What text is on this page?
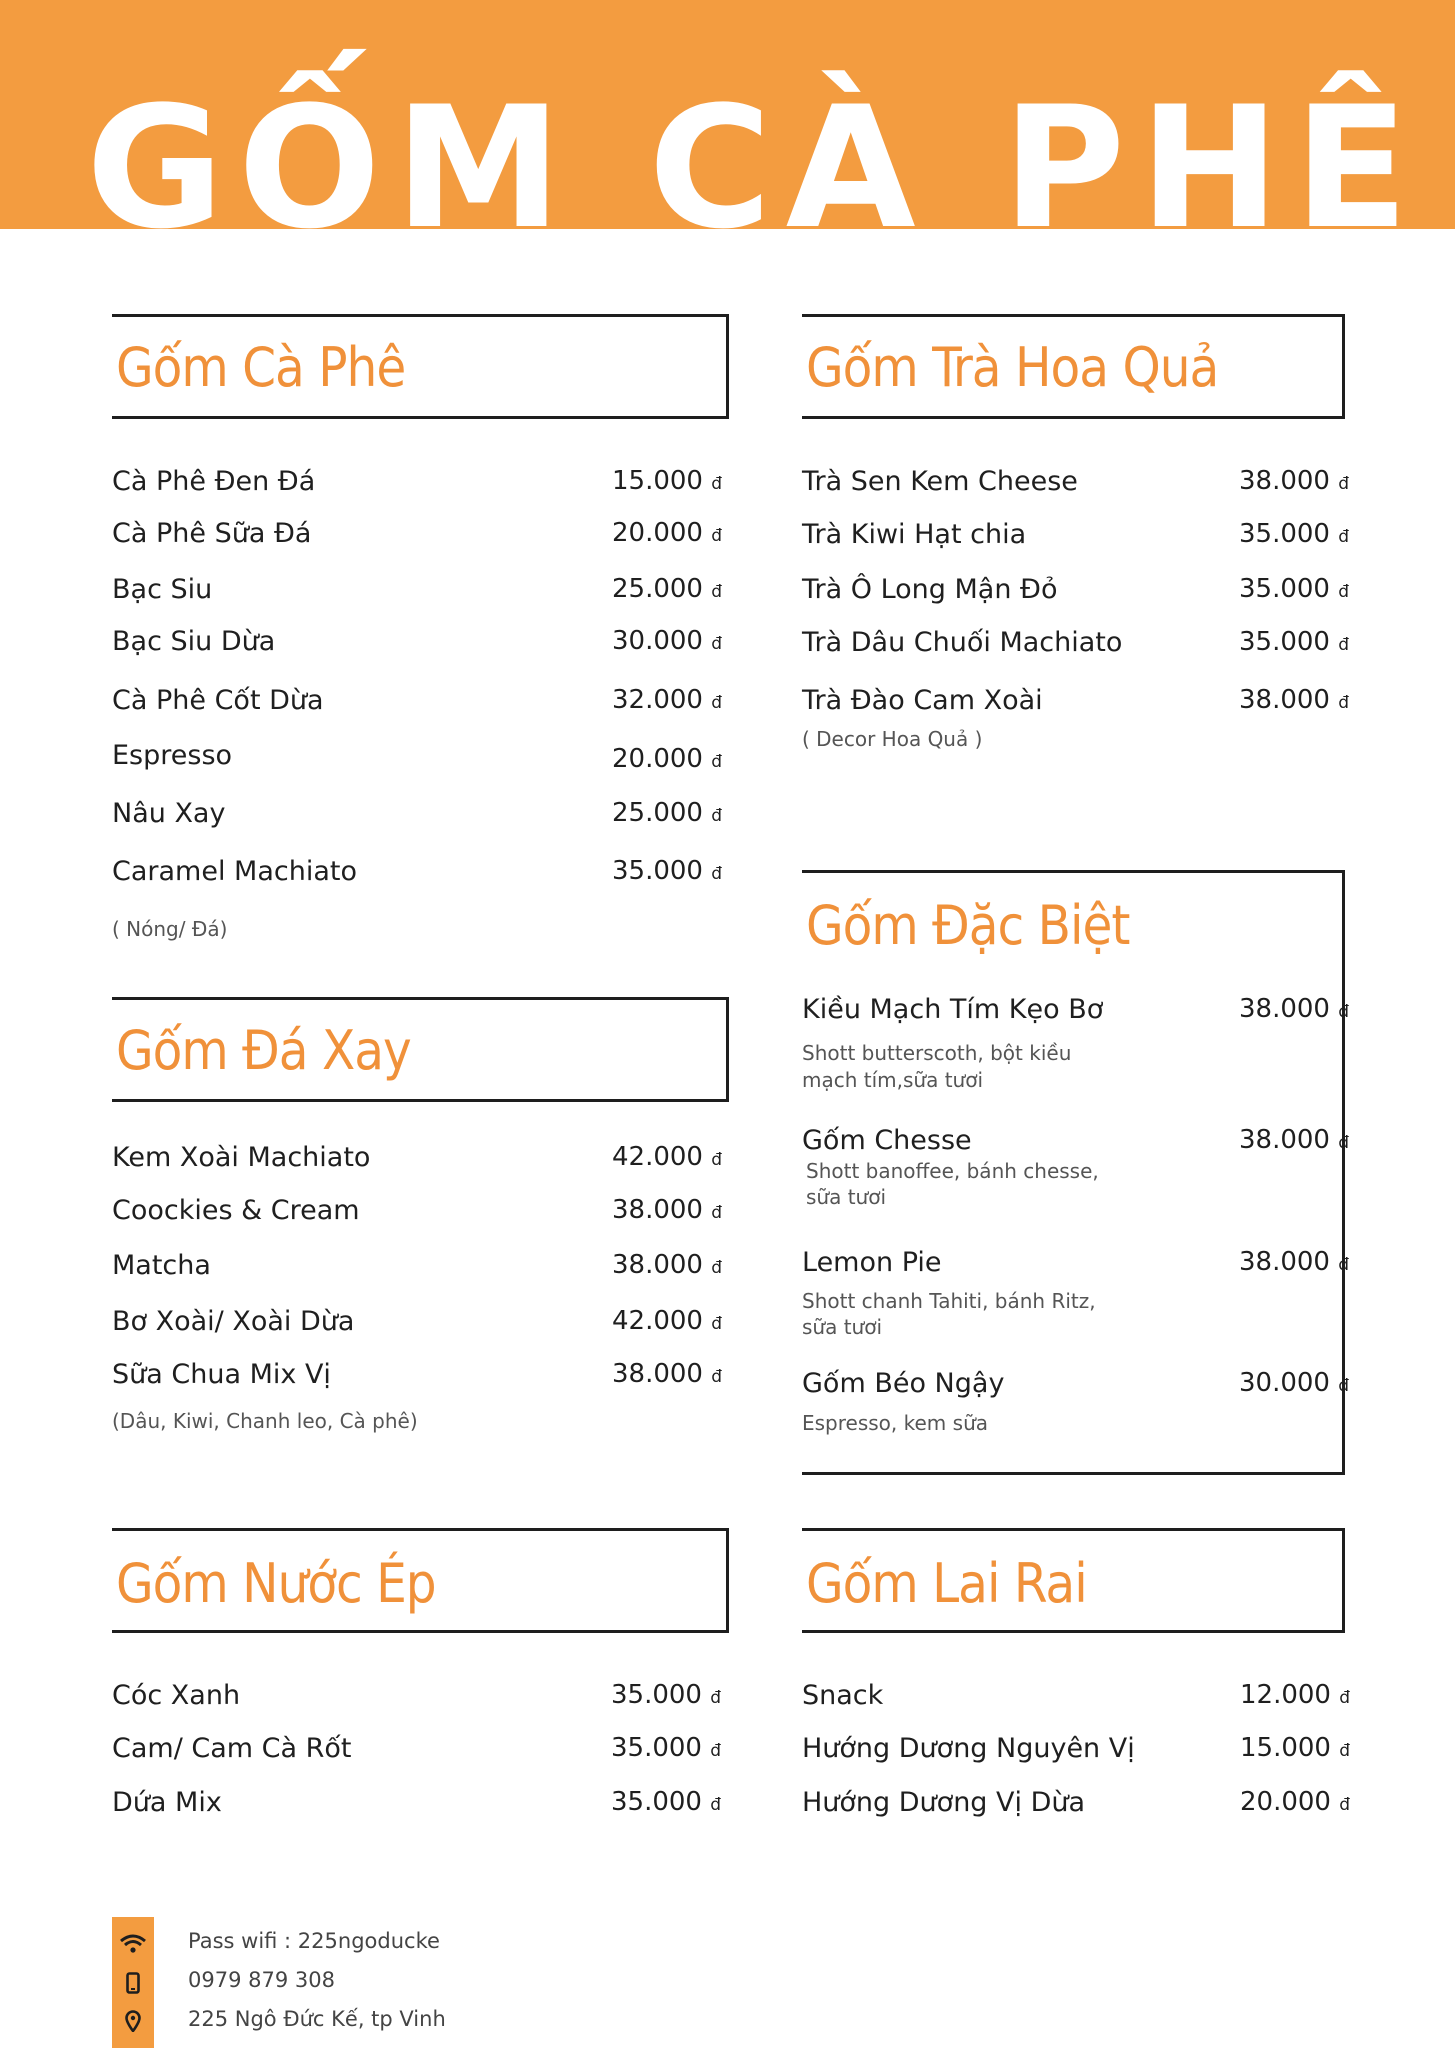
GỐM CÀ PHÊ
Gốm Cà Phê
Cà Phê Đen Đá	15.000 đ
Cà Phê Sữa Đá	20.000 đ
Bạc Siu	25.000 đ
Bạc Siu Dừa	30.000 đ
Cà Phê Cốt Dừa	32.000 đ
Espresso	20.000 đ
Nâu Xay	25.000 đ
Caramel Machiato	35.000 đ
( Nóng/ Đá)
Gốm Trà Hoa Quả
Trà Sen Kem Cheese	38.000 đ
Trà Kiwi Hạt chia	35.000 đ
Trà Ô Long Mận Đỏ	35.000 đ
Trà Dâu Chuối Machiato	35.000 đ
Trà Đào Cam Xoài	38.000 đ
( Decor Hoa Quả )
Gốm Đá Xay
Kem Xoài Machiato	42.000 đ
Coockies & Cream	38.000 đ
Matcha	38.000 đ
Bơ Xoài/ Xoài Dừa	42.000 đ
Sữa Chua Mix Vị	38.000 đ
(Dâu, Kiwi, Chanh leo, Cà phê)
Gốm Đặc Biệt
Kiều Mạch Tím Kẹo Bơ	38.000 đ
Shott butterscoth, bột kiều
mạch tím,sữa tươi
Gốm Chesse	38.000 đ
Shott banoffee, bánh chesse,
sữa tươi
Lemon Pie	38.000 đ
Shott chanh Tahiti, bánh Ritz,
sữa tươi
Gốm Béo Ngậy	30.000 đ
Espresso, kem sữa
Gốm Nước Ép
Cóc Xanh	35.000 đ
Cam/ Cam Cà Rốt	35.000 đ
Dứa Mix	35.000 đ
Gốm Lai Rai
Snack	12.000 đ
Hướng Dương Nguyên Vị	15.000 đ
Hướng Dương Vị Dừa	20.000 đ
Pass wifi : 225ngoducke
0979 879 308
225 Ngô Đức Kế, tp Vinh
